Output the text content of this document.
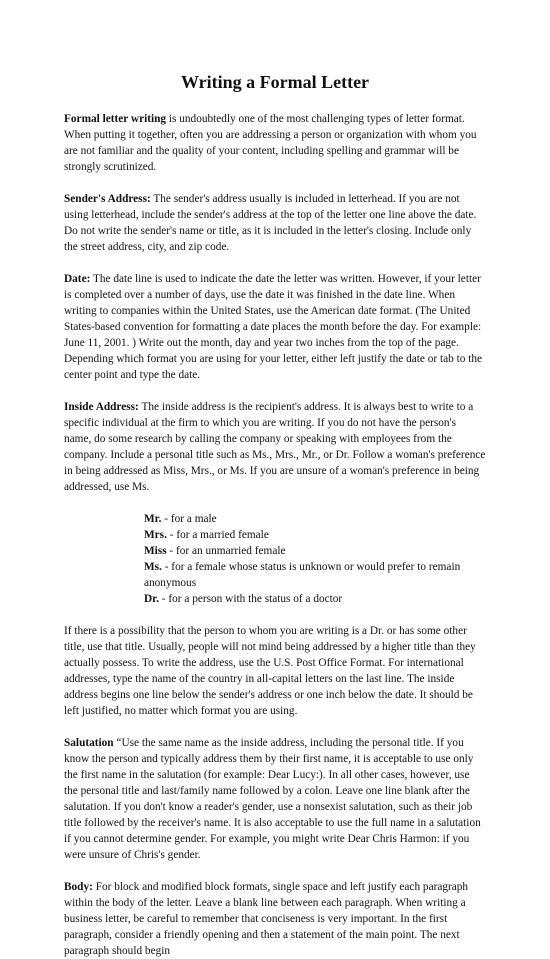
Writing a Formal Letter

Formal letter writing is undoubtedly one of the most challenging types of letter format. When putting it together, often you are addressing a person or organization with whom you are not familiar and the quality of your content, including spelling and grammar will be strongly scrutinized.

Sender's Address: The sender's address usually is included in letterhead. If you are not using letterhead, include the sender's address at the top of the letter one line above the date. Do not write the sender's name or title, as it is included in the letter's closing. Include only the street address, city, and zip code.

Date: The date line is used to indicate the date the letter was written. However, if your letter is completed over a number of days, use the date it was finished in the date line. When writing to companies within the United States, use the American date format. (The United States-based convention for formatting a date places the month before the day. For example: June 11, 2001. ) Write out the month, day and year two inches from the top of the page. Depending which format you are using for your letter, either left justify the date or tab to the center point and type the date.

Inside Address: The inside address is the recipient's address. It is always best to write to a specific individual at the firm to which you are writing. If you do not have the person's name, do some research by calling the company or speaking with employees from the company. Include a personal title such as Ms., Mrs., Mr., or Dr. Follow a woman's preference in being addressed as Miss, Mrs., or Ms. If you are unsure of a woman's preference in being addressed, use Ms.

Mr. - for a male
Mrs. - for a married female
Miss - for an unmarried female
Ms. - for a female whose status is unknown or would prefer to remain anonymous
Dr. - for a person with the status of a doctor

If there is a possibility that the person to whom you are writing is a Dr. or has some other title, use that title. Usually, people will not mind being addressed by a higher title than they actually possess. To write the address, use the U.S. Post Office Format. For international addresses, type the name of the country in all-capital letters on the last line. The inside address begins one line below the sender's address or one inch below the date. It should be left justified, no matter which format you are using.

Salutation “Use the same name as the inside address, including the personal title. If you know the person and typically address them by their first name, it is acceptable to use only the first name in the salutation (for example: Dear Lucy:). In all other cases, however, use the personal title and last/family name followed by a colon. Leave one line blank after the salutation. If you don't know a reader's gender, use a nonsexist salutation, such as their job title followed by the receiver's name. It is also acceptable to use the full name in a salutation if you cannot determine gender. For example, you might write Dear Chris Harmon: if you were unsure of Chris's gender.

Body: For block and modified block formats, single space and left justify each paragraph within the body of the letter. Leave a blank line between each paragraph. When writing a business letter, be careful to remember that conciseness is very important. In the first paragraph, consider a friendly opening and then a statement of the main point. The next paragraph should begin
